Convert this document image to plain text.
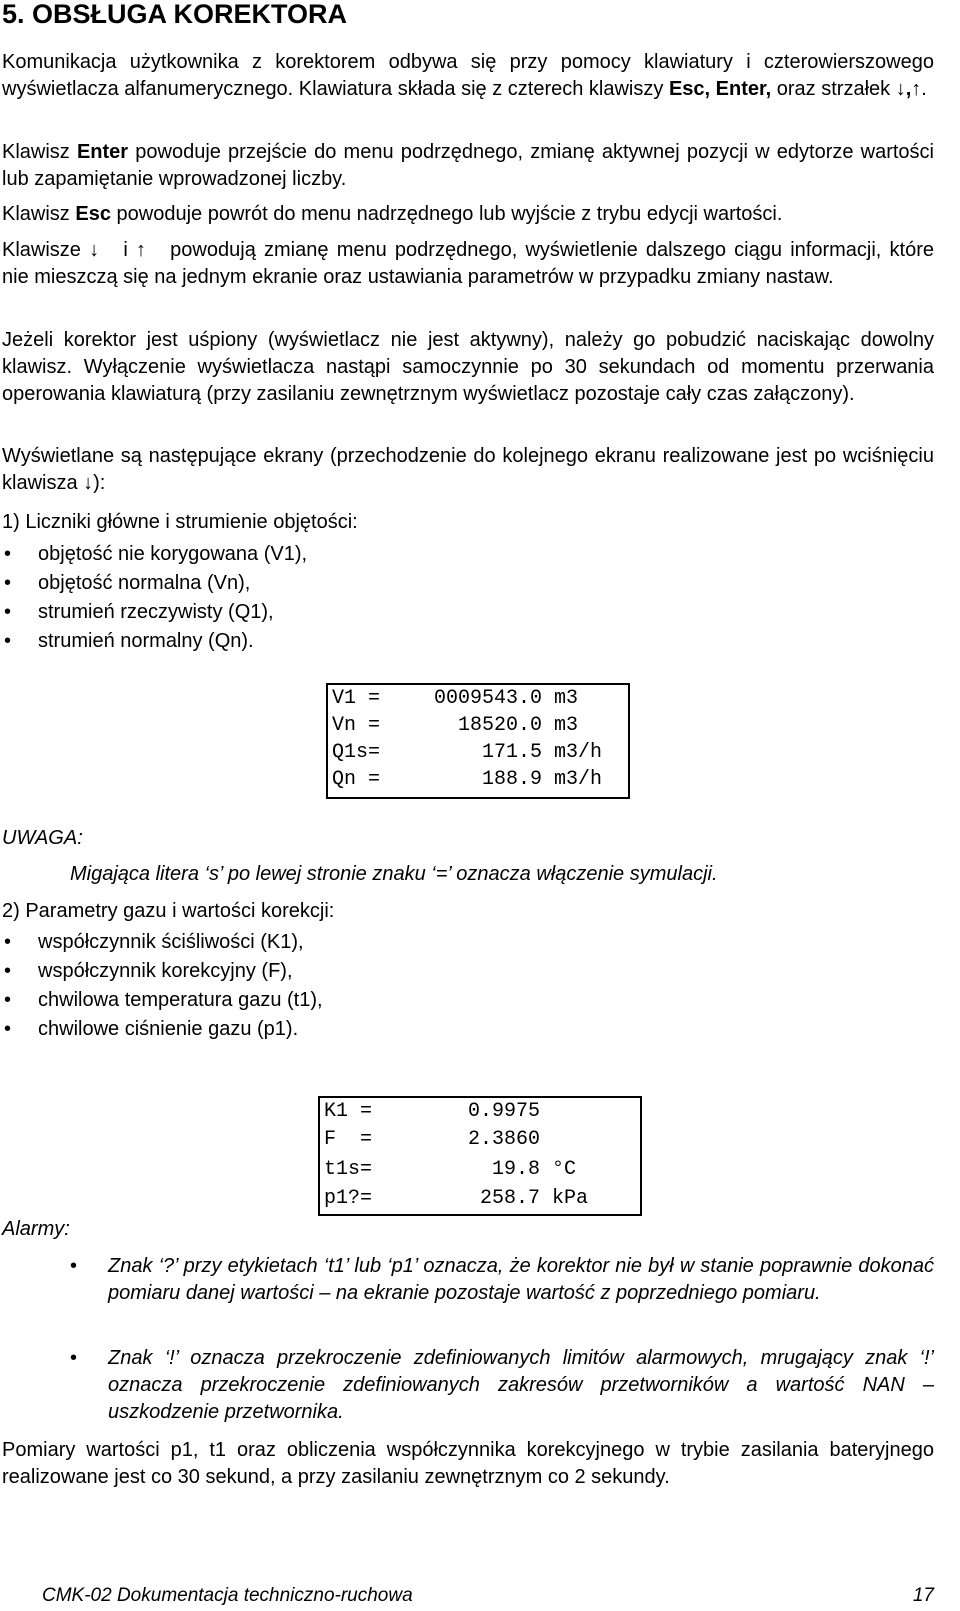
5. OBSŁUGA KOREKTORA
Komunikacja użytkownika z korektorem odbywa się przy pomocy klawiatury i czterowierszowego wyświetlacza alfanumerycznego. Klawiatura składa się z czterech klawiszy Esc, Enter, oraz strzałek ↓,↑.
Klawisz Enter powoduje przejście do menu podrzędnego, zmianę aktywnej pozycji w edytorze wartości lub zapamiętanie wprowadzonej liczby.
Klawisz Esc powoduje powrót do menu nadrzędnego lub wyjście z trybu edycji wartości.
Klawisze ↓ i ↑ powodują zmianę menu podrzędnego, wyświetlenie dalszego ciągu informacji, które nie mieszczą się na jednym ekranie oraz ustawiania parametrów w przypadku zmiany nastaw.
Jeżeli korektor jest uśpiony (wyświetlacz nie jest aktywny), należy go pobudzić naciskając dowolny klawisz. Wyłączenie wyświetlacza nastąpi samoczynnie po 30 sekundach od momentu przerwania operowania klawiaturą (przy zasilaniu zewnętrznym wyświetlacz pozostaje cały czas załączony).
Wyświetlane są następujące ekrany (przechodzenie do kolejnego ekranu realizowane jest po wciśnięciu klawisza ↓):
1) Liczniki główne i strumienie objętości:
• objętość nie korygowana (V1),
• objętość normalna (Vn),
• strumień rzeczywisty (Q1),
• strumień normalny (Qn).
V1 =	0009543.0 m3
Vn =	18520.0 m3
Q1s=	171.5 m3/h
Qn =	188.9 m3/h
UWAGA:
Migająca litera ‘s’ po lewej stronie znaku ‘=’ oznacza włączenie symulacji.
2) Parametry gazu i wartości korekcji:
• współczynnik ściśliwości (K1),
• współczynnik korekcyjny (F),
• chwilowa temperatura gazu (t1),
• chwilowe ciśnienie gazu (p1).
K1 =	0.9975
F  =	2.3860
t1s=	19.8 °C
p1?=	258.7 kPa
Alarmy:
• Znak ‘?’ przy etykietach ‘t1’ lub ‘p1’ oznacza, że korektor nie był w stanie poprawnie dokonać pomiaru danej wartości – na ekranie pozostaje wartość z poprzedniego pomiaru.
• Znak ‘!’ oznacza przekroczenie zdefiniowanych limitów alarmowych, mrugający znak ‘!’ oznacza przekroczenie zdefiniowanych zakresów przetworników a wartość NAN – uszkodzenie przetwornika.
Pomiary wartości p1, t1 oraz obliczenia współczynnika korekcyjnego w trybie zasilania bateryjnego realizowane jest co 30 sekund, a przy zasilaniu zewnętrznym co 2 sekundy.
CMK-02 Dokumentacja techniczno-ruchowa	17
